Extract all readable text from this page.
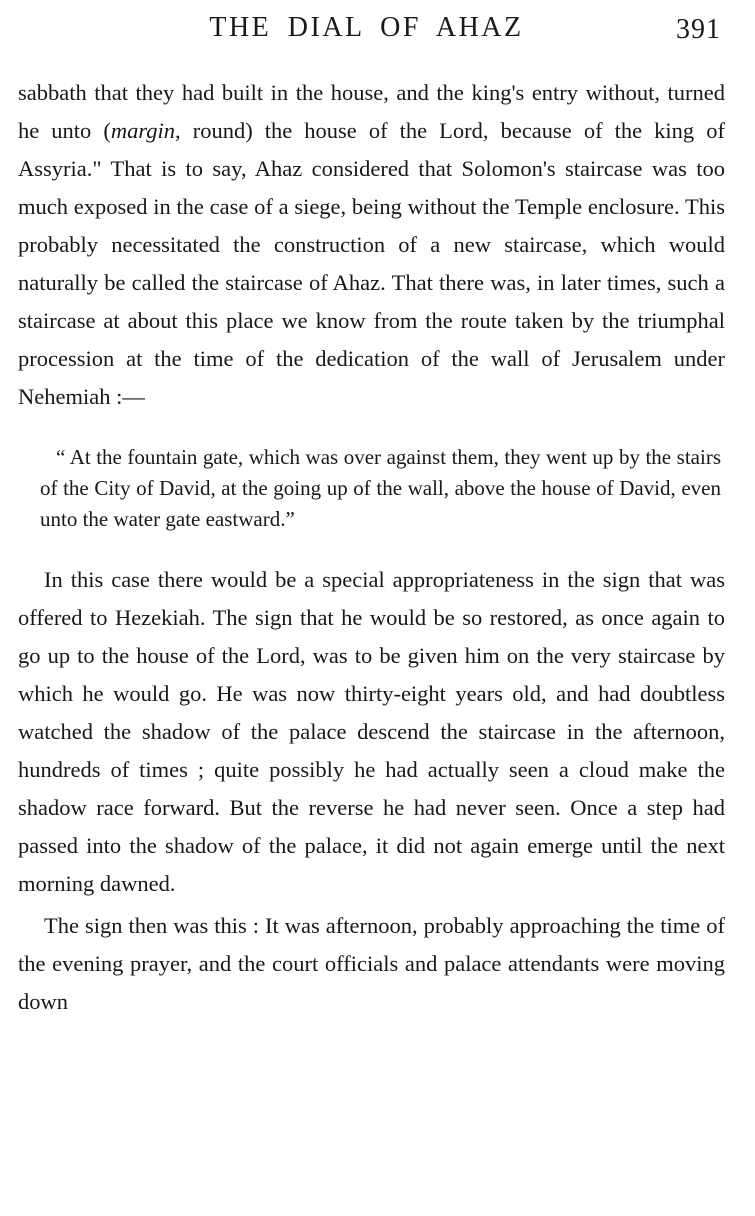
THE DIAL OF AHAZ	391

sabbath that they had built in the house, and the king's entry without, turned he unto (margin, round) the house of the Lord, because of the king of Assyria." That is to say, Ahaz considered that Solomon's staircase was too much exposed in the case of a siege, being without the Temple enclosure. This probably necessitated the construction of a new staircase, which would naturally be called the staircase of Ahaz. That there was, in later times, such a staircase at about this place we know from the route taken by the triumphal procession at the time of the dedication of the wall of Jerusalem under Nehemiah :—

“ At the fountain gate, which was over against them, they went up by the stairs of the City of David, at the going up of the wall, above the house of David, even unto the water gate eastward.”

In this case there would be a special appropriateness in the sign that was offered to Hezekiah. The sign that he would be so restored, as once again to go up to the house of the Lord, was to be given him on the very staircase by which he would go. He was now thirty-eight years old, and had doubtless watched the shadow of the palace descend the staircase in the afternoon, hundreds of times ; quite possibly he had actually seen a cloud make the shadow race forward. But the reverse he had never seen. Once a step had passed into the shadow of the palace, it did not again emerge until the next morning dawned.

The sign then was this : It was afternoon, probably approaching the time of the evening prayer, and the court officials and palace attendants were moving down
